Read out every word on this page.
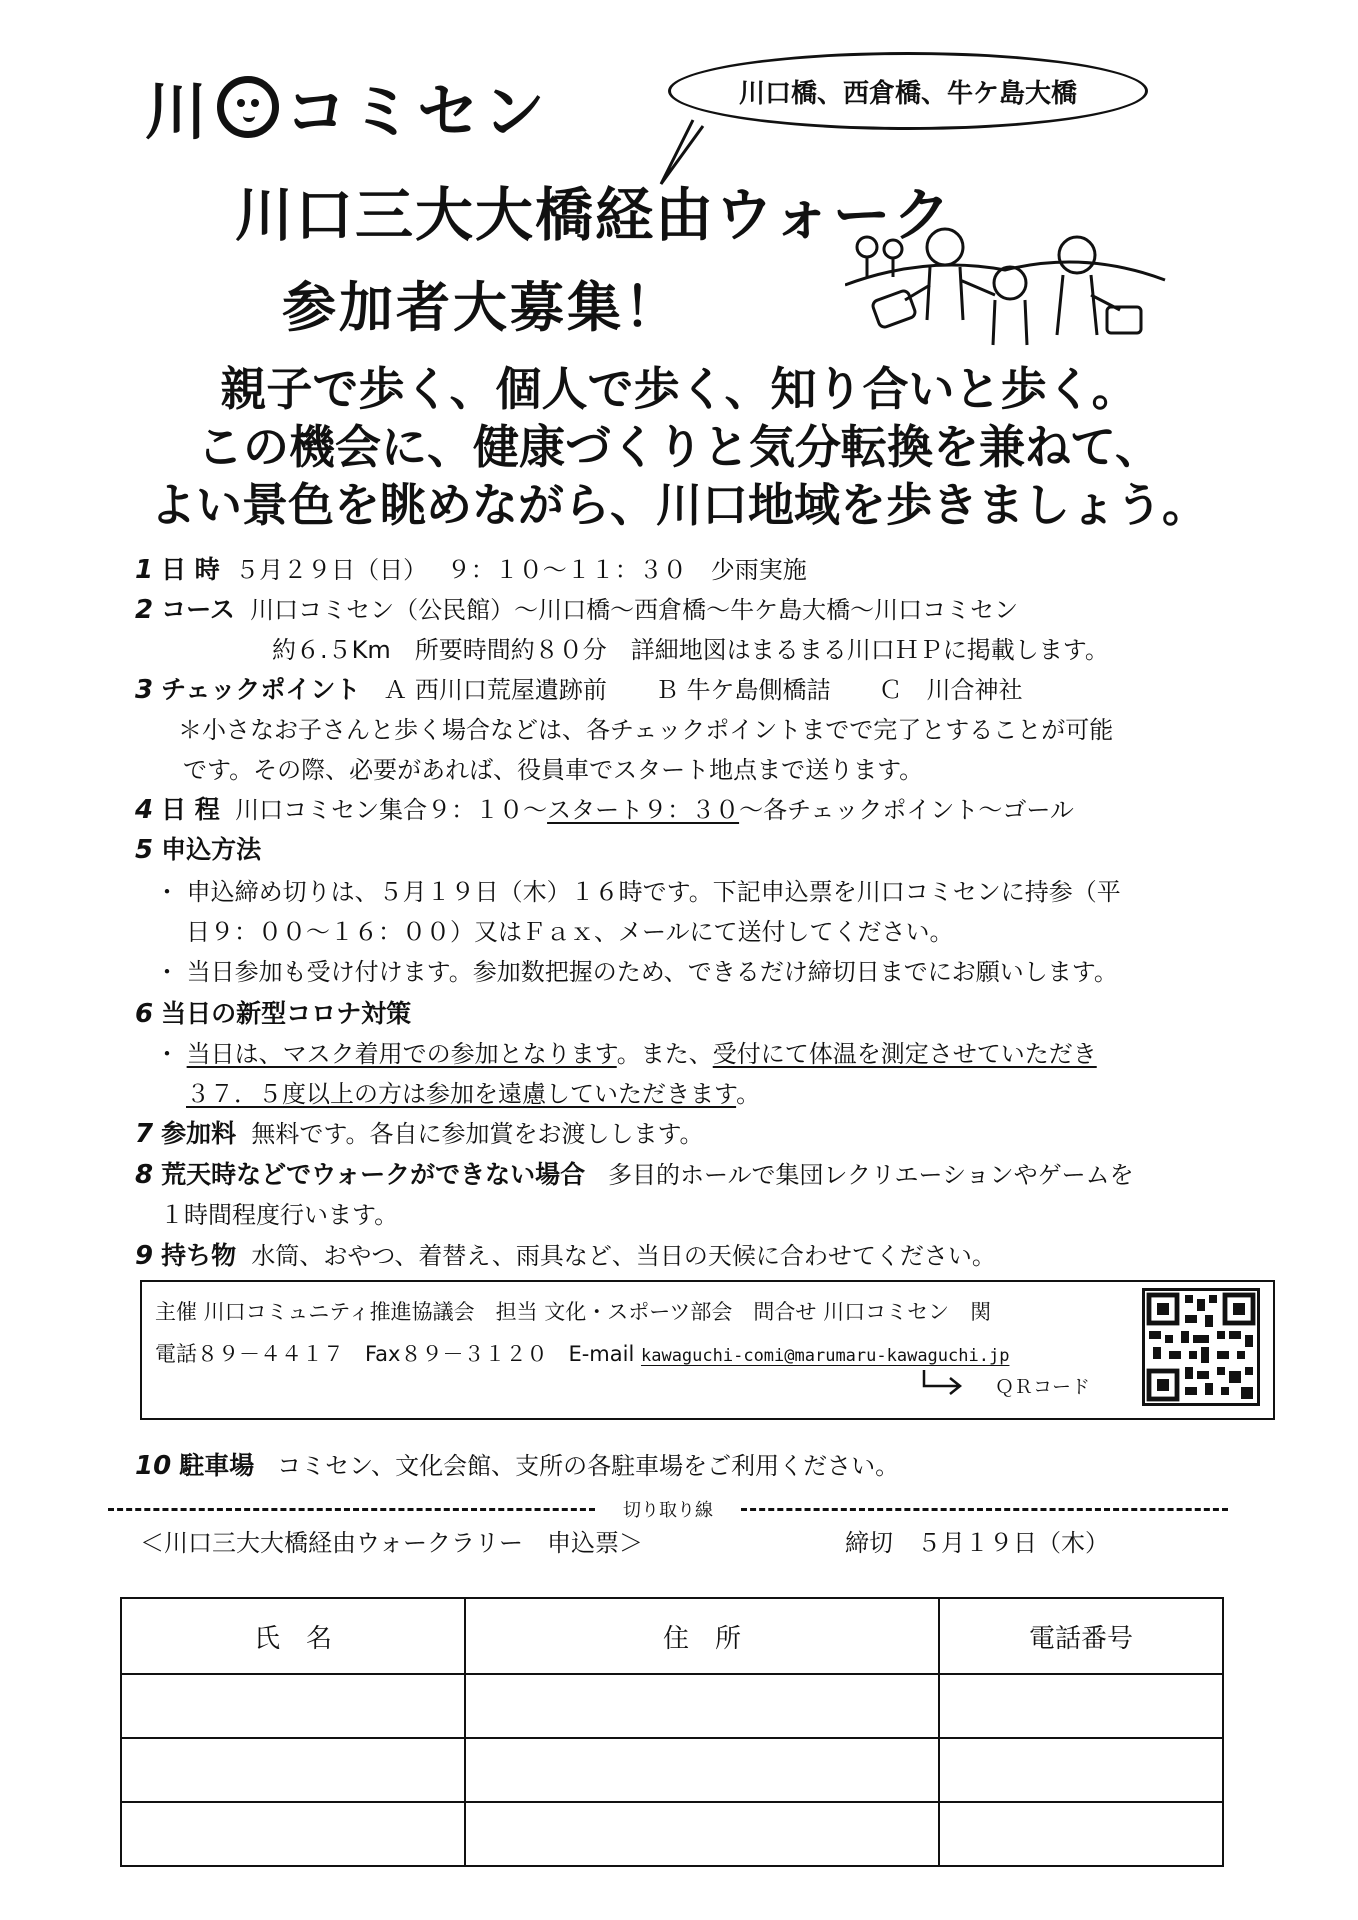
川 コミセン	川口橋、西倉橋、牛ケ島大橋
川口三大大橋経由ウォーク
参加者大募集！
親子で歩く、個人で歩く、知り合いと歩く。
この機会に、健康づくりと気分転換を兼ねて、
よい景色を眺めながら、川口地域を歩きましょう。
1 日 時 ５月２９日（日）　 ９：１０～１１：３０　少雨実施
2 コース 川口コミセン（公民館）～川口橋～西倉橋～牛ケ島大橋～川口コミセン
約６.５Km　所要時間約８０分　詳細地図はまるまる川口ＨＰに掲載します。
3 チェックポイント Ａ 西川口荒屋遺跡前　　Ｂ 牛ケ島側橋詰　　Ｃ　川合神社
＊小さなお子さんと歩く場合などは、各チェックポイントまでで完了とすることが可能
です。その際、必要があれば、役員車でスタート地点まで送ります。
4 日 程 川口コミセン集合９：１０～スタート９：３０～各チェックポイント～ゴール
5 申込方法
・ 申込締め切りは、５月１９日（木）１６時です。下記申込票を川口コミセンに持参（平
日９：００～１６：００）又はＦａｘ、メールにて送付してください。
・ 当日参加も受け付けます。参加数把握のため、できるだけ締切日までにお願いします。
6 当日の新型コロナ対策
・ 当日は、マスク着用での参加となります。また、受付にて体温を測定させていただき
３７．５度以上の方は参加を遠慮していただきます。
7 参加料 無料です。各自に参加賞をお渡しします。
8 荒天時などでウォークができない場合 多目的ホールで集団レクリエーションやゲームを
１時間程度行います。
9 持ち物 水筒、おやつ、着替え、雨具など、当日の天候に合わせてください。
主催 川口コミュニティ推進協議会　担当 文化・スポーツ部会　問合せ 川口コミセン　関
電話８９－４４１７　Fax８９－３１２０　E-mail kawaguchi-comi@marumaru-kawaguchi.jp
ＱＲコード
10 駐車場 コミセン、文化会館、支所の各駐車場をご利用ください。
切り取り線
＜川口三大大橋経由ウォークラリー　申込票＞	締切　５月１９日（木）
氏　名	住　所	電話番号
